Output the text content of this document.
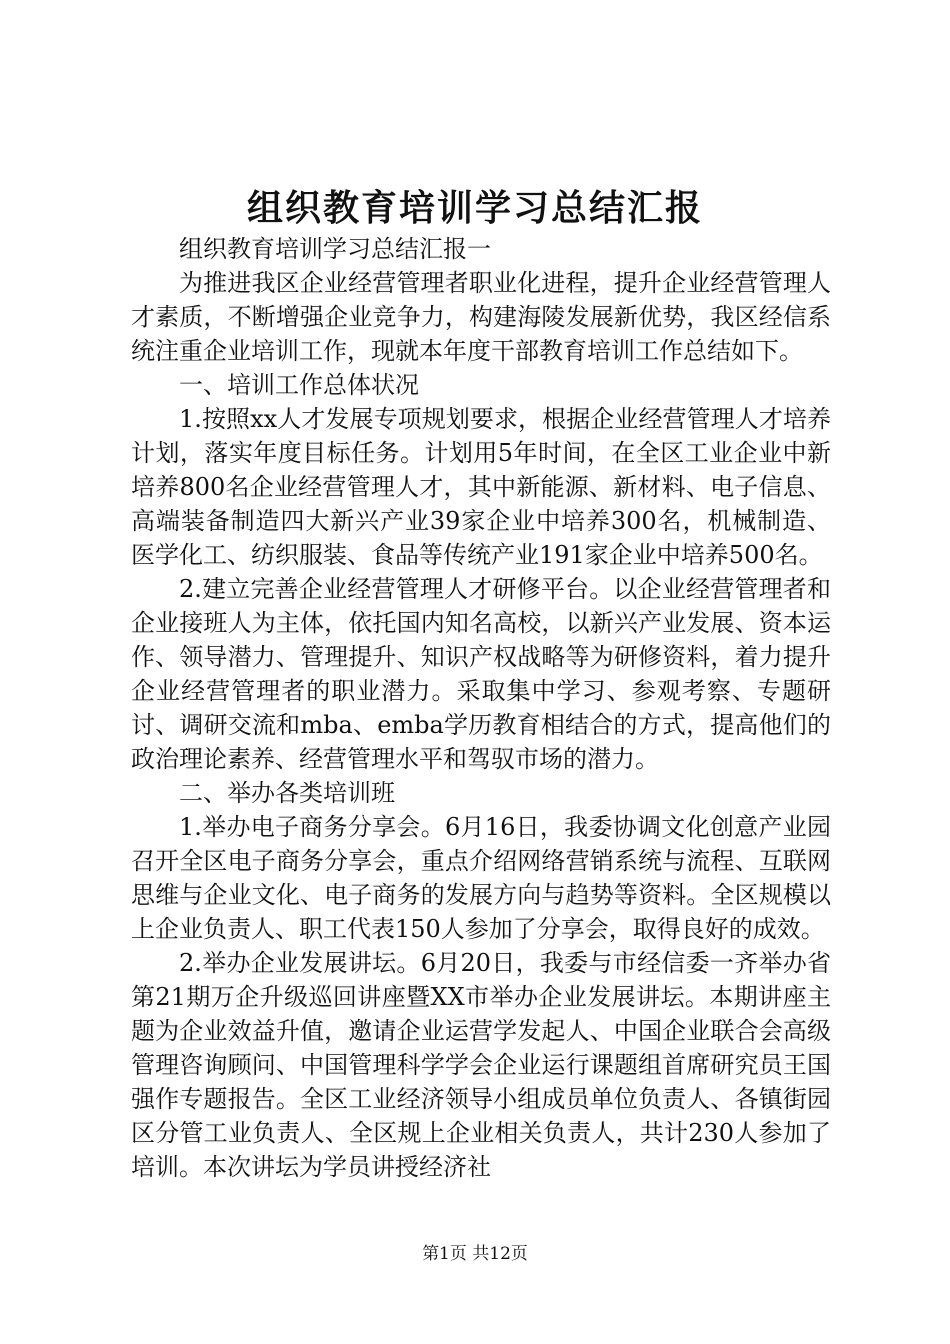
组织教育培训学习总结汇报

组织教育培训学习总结汇报一

为推进我区企业经营管理者职业化进程，提升企业经营管理人才素质，不断增强企业竞争力，构建海陵发展新优势，我区经信系统注重企业培训工作，现就本年度干部教育培训工作总结如下。

一、培训工作总体状况

1.按照xx人才发展专项规划要求，根据企业经营管理人才培养计划，落实年度目标任务。计划用5年时间，在全区工业企业中新培养800名企业经营管理人才，其中新能源、新材料、电子信息、高端装备制造四大新兴产业39家企业中培养300名，机械制造、医学化工、纺织服装、食品等传统产业191家企业中培养500名。

2.建立完善企业经营管理人才研修平台。以企业经营管理者和企业接班人为主体，依托国内知名高校，以新兴产业发展、资本运作、领导潜力、管理提升、知识产权战略等为研修资料，着力提升企业经营管理者的职业潜力。采取集中学习、参观考察、专题研讨、调研交流和mba、emba学历教育相结合的方式，提高他们的政治理论素养、经营管理水平和驾驭市场的潜力。

二、举办各类培训班

1.举办电子商务分享会。6月16日，我委协调文化创意产业园召开全区电子商务分享会，重点介绍网络营销系统与流程、互联网思维与企业文化、电子商务的发展方向与趋势等资料。全区规模以上企业负责人、职工代表150人参加了分享会，取得良好的成效。

2.举办企业发展讲坛。6月20日，我委与市经信委一齐举办省第21期万企升级巡回讲座暨XX市举办企业发展讲坛。本期讲座主题为企业效益升值，邀请企业运营学发起人、中国企业联合会高级管理咨询顾问、中国管理科学学会企业运行课题组首席研究员王国强作专题报告。全区工业经济领导小组成员单位负责人、各镇街园区分管工业负责人、全区规上企业相关负责人，共计230人参加了培训。本次讲坛为学员讲授经济社

第1页 共12页
